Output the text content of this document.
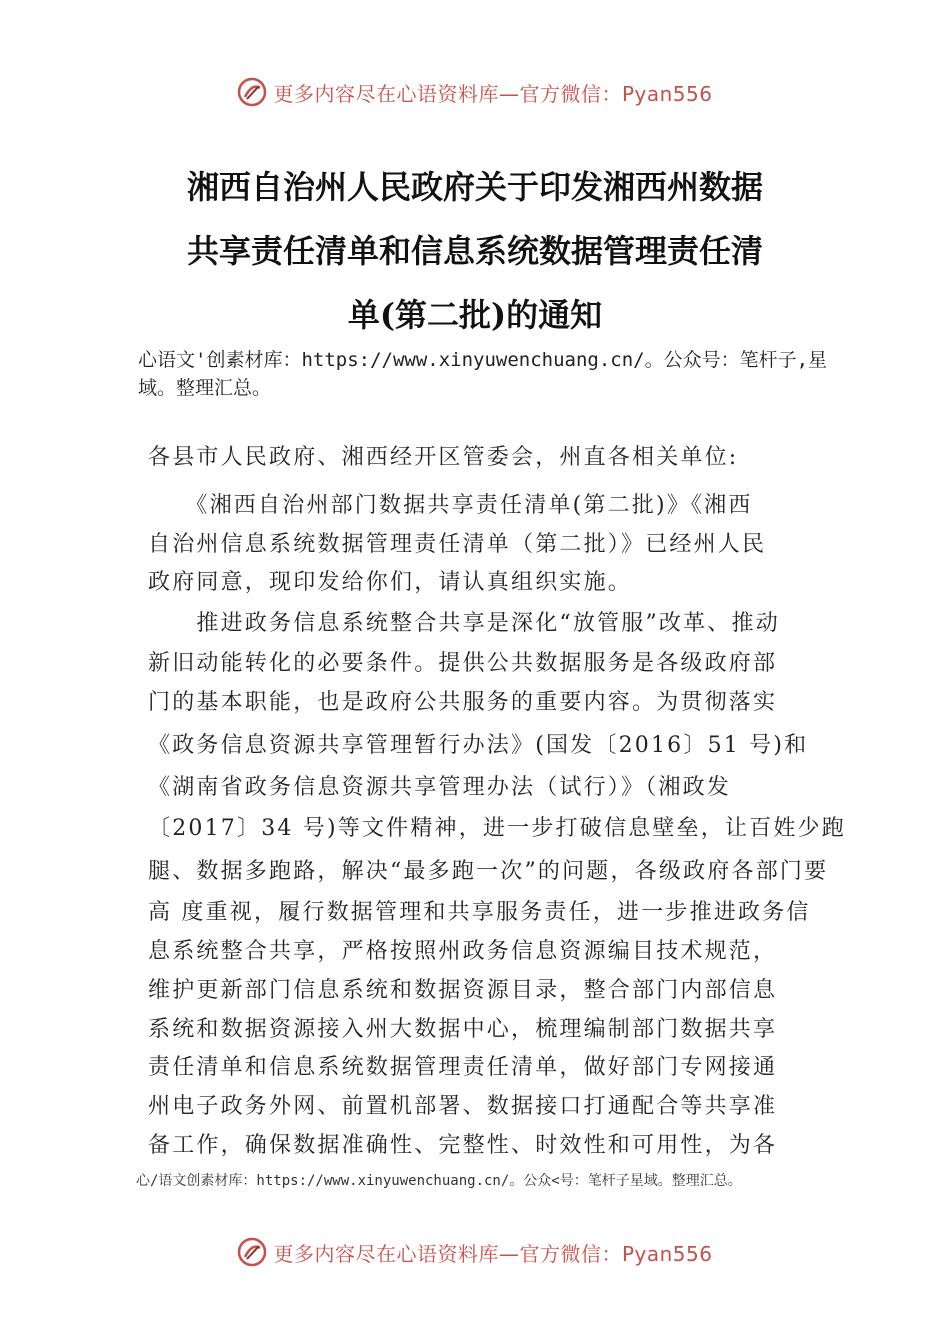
更多内容尽在心语资料库—官方微信：Pyan556
湘西自治州人民政府关于印发湘西州数据
共享责任清单和信息系统数据管理责任清
单(第二批)的通知
心语文'创素材库：https://www.xinyuwenchuang.cn/。公众号：笔杆子,星域。整理汇总。
各县市人民政府、湘西经开区管委会，州直各相关单位:
　　《湘西自治州部门数据共享责任清单(第二批)》《湘西
自治州信息系统数据管理责任清单（第二批）》已经州人民
政府同意，现印发给你们，请认真组织实施。
　　推进政务信息系统整合共享是深化“放管服”改革、推动
新旧动能转化的必要条件。提供公共数据服务是各级政府部
门的基本职能，也是政府公共服务的重要内容。为贯彻落实
《政务信息资源共享管理暂行办法》(国发〔2016〕51 号)和
《湖南省政务信息资源共享管理办法（试行）》（湘政发
〔2017〕34 号)等文件精神，进一步打破信息壁垒，让百姓少跑
腿、数据多跑路，解决“最多跑一次”的问题，各级政府各部门要
高 度重视，履行数据管理和共享服务责任，进一步推进政务信
息系统整合共享，严格按照州政务信息资源编目技术规范，
维护更新部门信息系统和数据资源目录，整合部门内部信息
系统和数据资源接入州大数据中心，梳理编制部门数据共享
责任清单和信息系统数据管理责任清单，做好部门专网接通
州电子政务外网、前置机部署、数据接口打通配合等共享准
备工作，确保数据准确性、完整性、时效性和可用性，为各
心/语文创素材库：https://www.xinyuwenchuang.cn/。公众<号：笔杆子星域。整理汇总。
更多内容尽在心语资料库—官方微信：Pyan556
